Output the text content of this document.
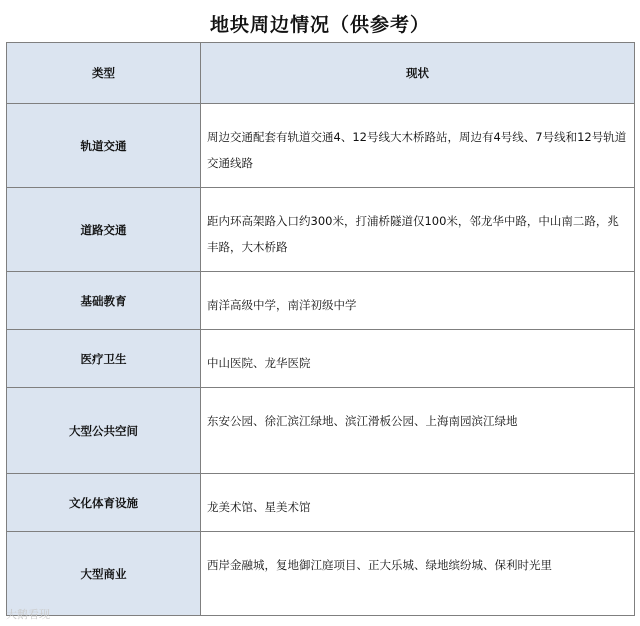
地块周边情况（供参考）
类型	现状
轨道交通	周边交通配套有轨道交通4、12号线大木桥路站，周边有4号线、7号线和12号轨道交通线路
道路交通	距内环高架路入口约300米，打浦桥隧道仅100米，邻龙华中路，中山南二路，兆丰路，大木桥路
基础教育	南洋高级中学，南洋初级中学
医疗卫生	中山医院、龙华医院
大型公共空间	东安公园、徐汇滨江绿地、滨江滑板公园、上海南园滨江绿地
文化体育设施	龙美术馆、星美术馆
大型商业	西岸金融城，复地御江庭项目、正大乐城、绿地缤纷城、保利时光里
大鹅看现
